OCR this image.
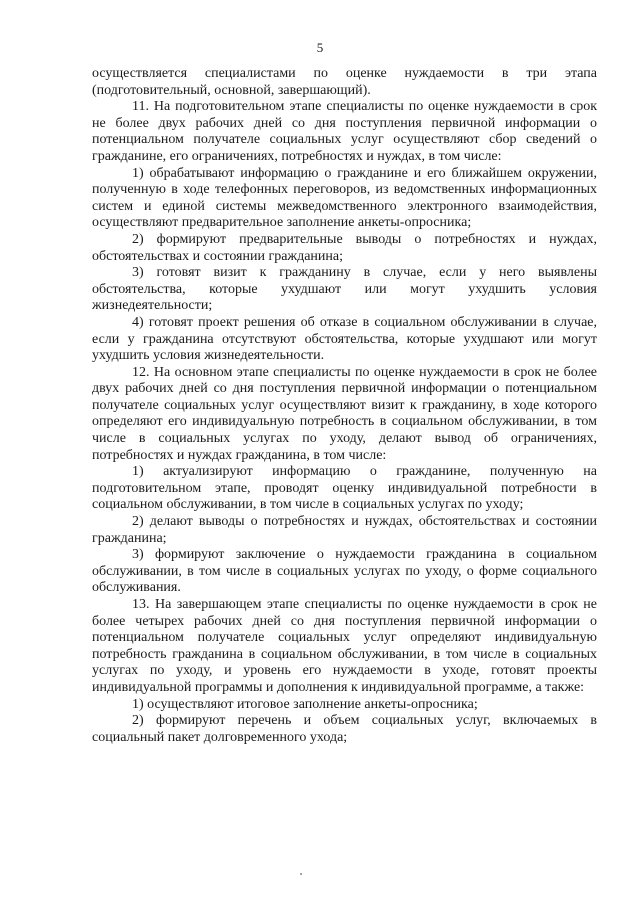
5

осуществляется специалистами по оценке нуждаемости в три этапа (подготовительный, основной, завершающий).

11. На подготовительном этапе специалисты по оценке нуждаемости в срок не более двух рабочих дней со дня поступления первичной информации о потенциальном получателе социальных услуг осуществляют сбор сведений о гражданине, его ограничениях, потребностях и нуждах, в том числе:

1) обрабатывают информацию о гражданине и его ближайшем окружении, полученную в ходе телефонных переговоров, из ведомственных информационных систем и единой системы межведомственного электронного взаимодействия, осуществляют предварительное заполнение анкеты-опросника;

2) формируют предварительные выводы о потребностях и нуждах, обстоятельствах и состоянии гражданина;

3) готовят визит к гражданину в случае, если у него выявлены обстоятельства, которые ухудшают или могут ухудшить условия жизнедеятельности;

4) готовят проект решения об отказе в социальном обслуживании в случае, если у гражданина отсутствуют обстоятельства, которые ухудшают или могут ухудшить условия жизнедеятельности.

12. На основном этапе специалисты по оценке нуждаемости в срок не более двух рабочих дней со дня поступления первичной информации о потенциальном получателе социальных услуг осуществляют визит к гражданину, в ходе которого определяют его индивидуальную потребность в социальном обслуживании, в том числе в социальных услугах по уходу, делают вывод об ограничениях, потребностях и нуждах гражданина, в том числе:

1) актуализируют информацию о гражданине, полученную на подготовительном этапе, проводят оценку индивидуальной потребности в социальном обслуживании, в том числе в социальных услугах по уходу;

2) делают выводы о потребностях и нуждах, обстоятельствах и состоянии гражданина;

3) формируют заключение о нуждаемости гражданина в социальном обслуживании, в том числе в социальных услугах по уходу, о форме социального обслуживания.

13. На завершающем этапе специалисты по оценке нуждаемости в срок не более четырех рабочих дней со дня поступления первичной информации о потенциальном получателе социальных услуг определяют индивидуальную потребность гражданина в социальном обслуживании, в том числе в социальных услугах по уходу, и уровень его нуждаемости в уходе, готовят проекты индивидуальной программы и дополнения к индивидуальной программе, а также:

1) осуществляют итоговое заполнение анкеты-опросника;

2) формируют перечень и объем социальных услуг, включаемых в социальный пакет долговременного ухода;
